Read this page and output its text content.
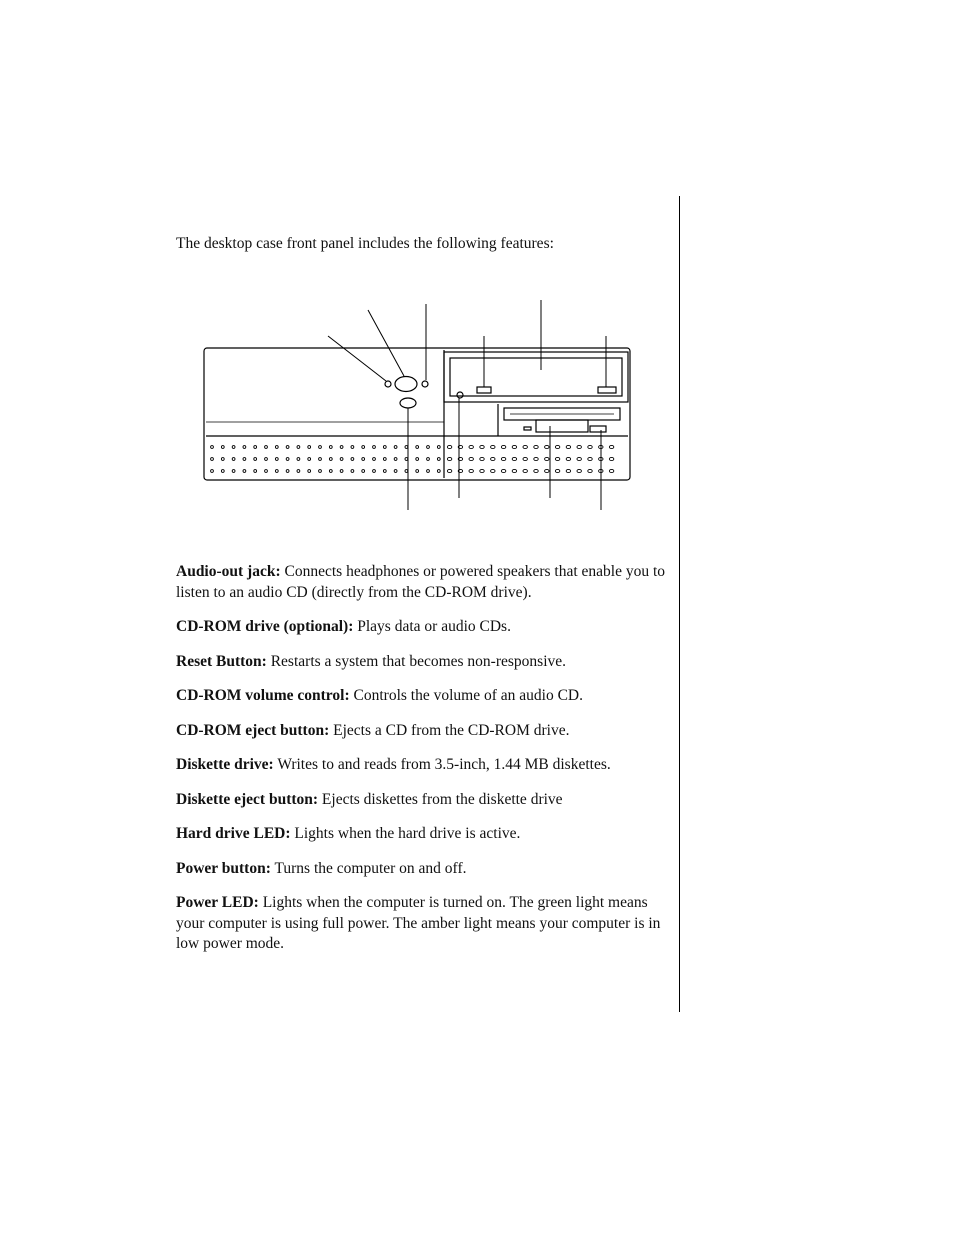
The desktop case front panel includes the following features:

Audio-out jack: Connects headphones or powered speakers that enable you to listen to an audio CD (directly from the CD-ROM drive).

CD-ROM drive (optional): Plays data or audio CDs.

Reset Button: Restarts a system that becomes non-responsive.

CD-ROM volume control: Controls the volume of an audio CD.

CD-ROM eject button: Ejects a CD from the CD-ROM drive.

Diskette drive: Writes to and reads from 3.5-inch, 1.44 MB diskettes.

Diskette eject button: Ejects diskettes from the diskette drive

Hard drive LED: Lights when the hard drive is active.

Power button: Turns the computer on and off.

Power LED: Lights when the computer is turned on. The green light means your computer is using full power. The amber light means your computer is in low power mode.
